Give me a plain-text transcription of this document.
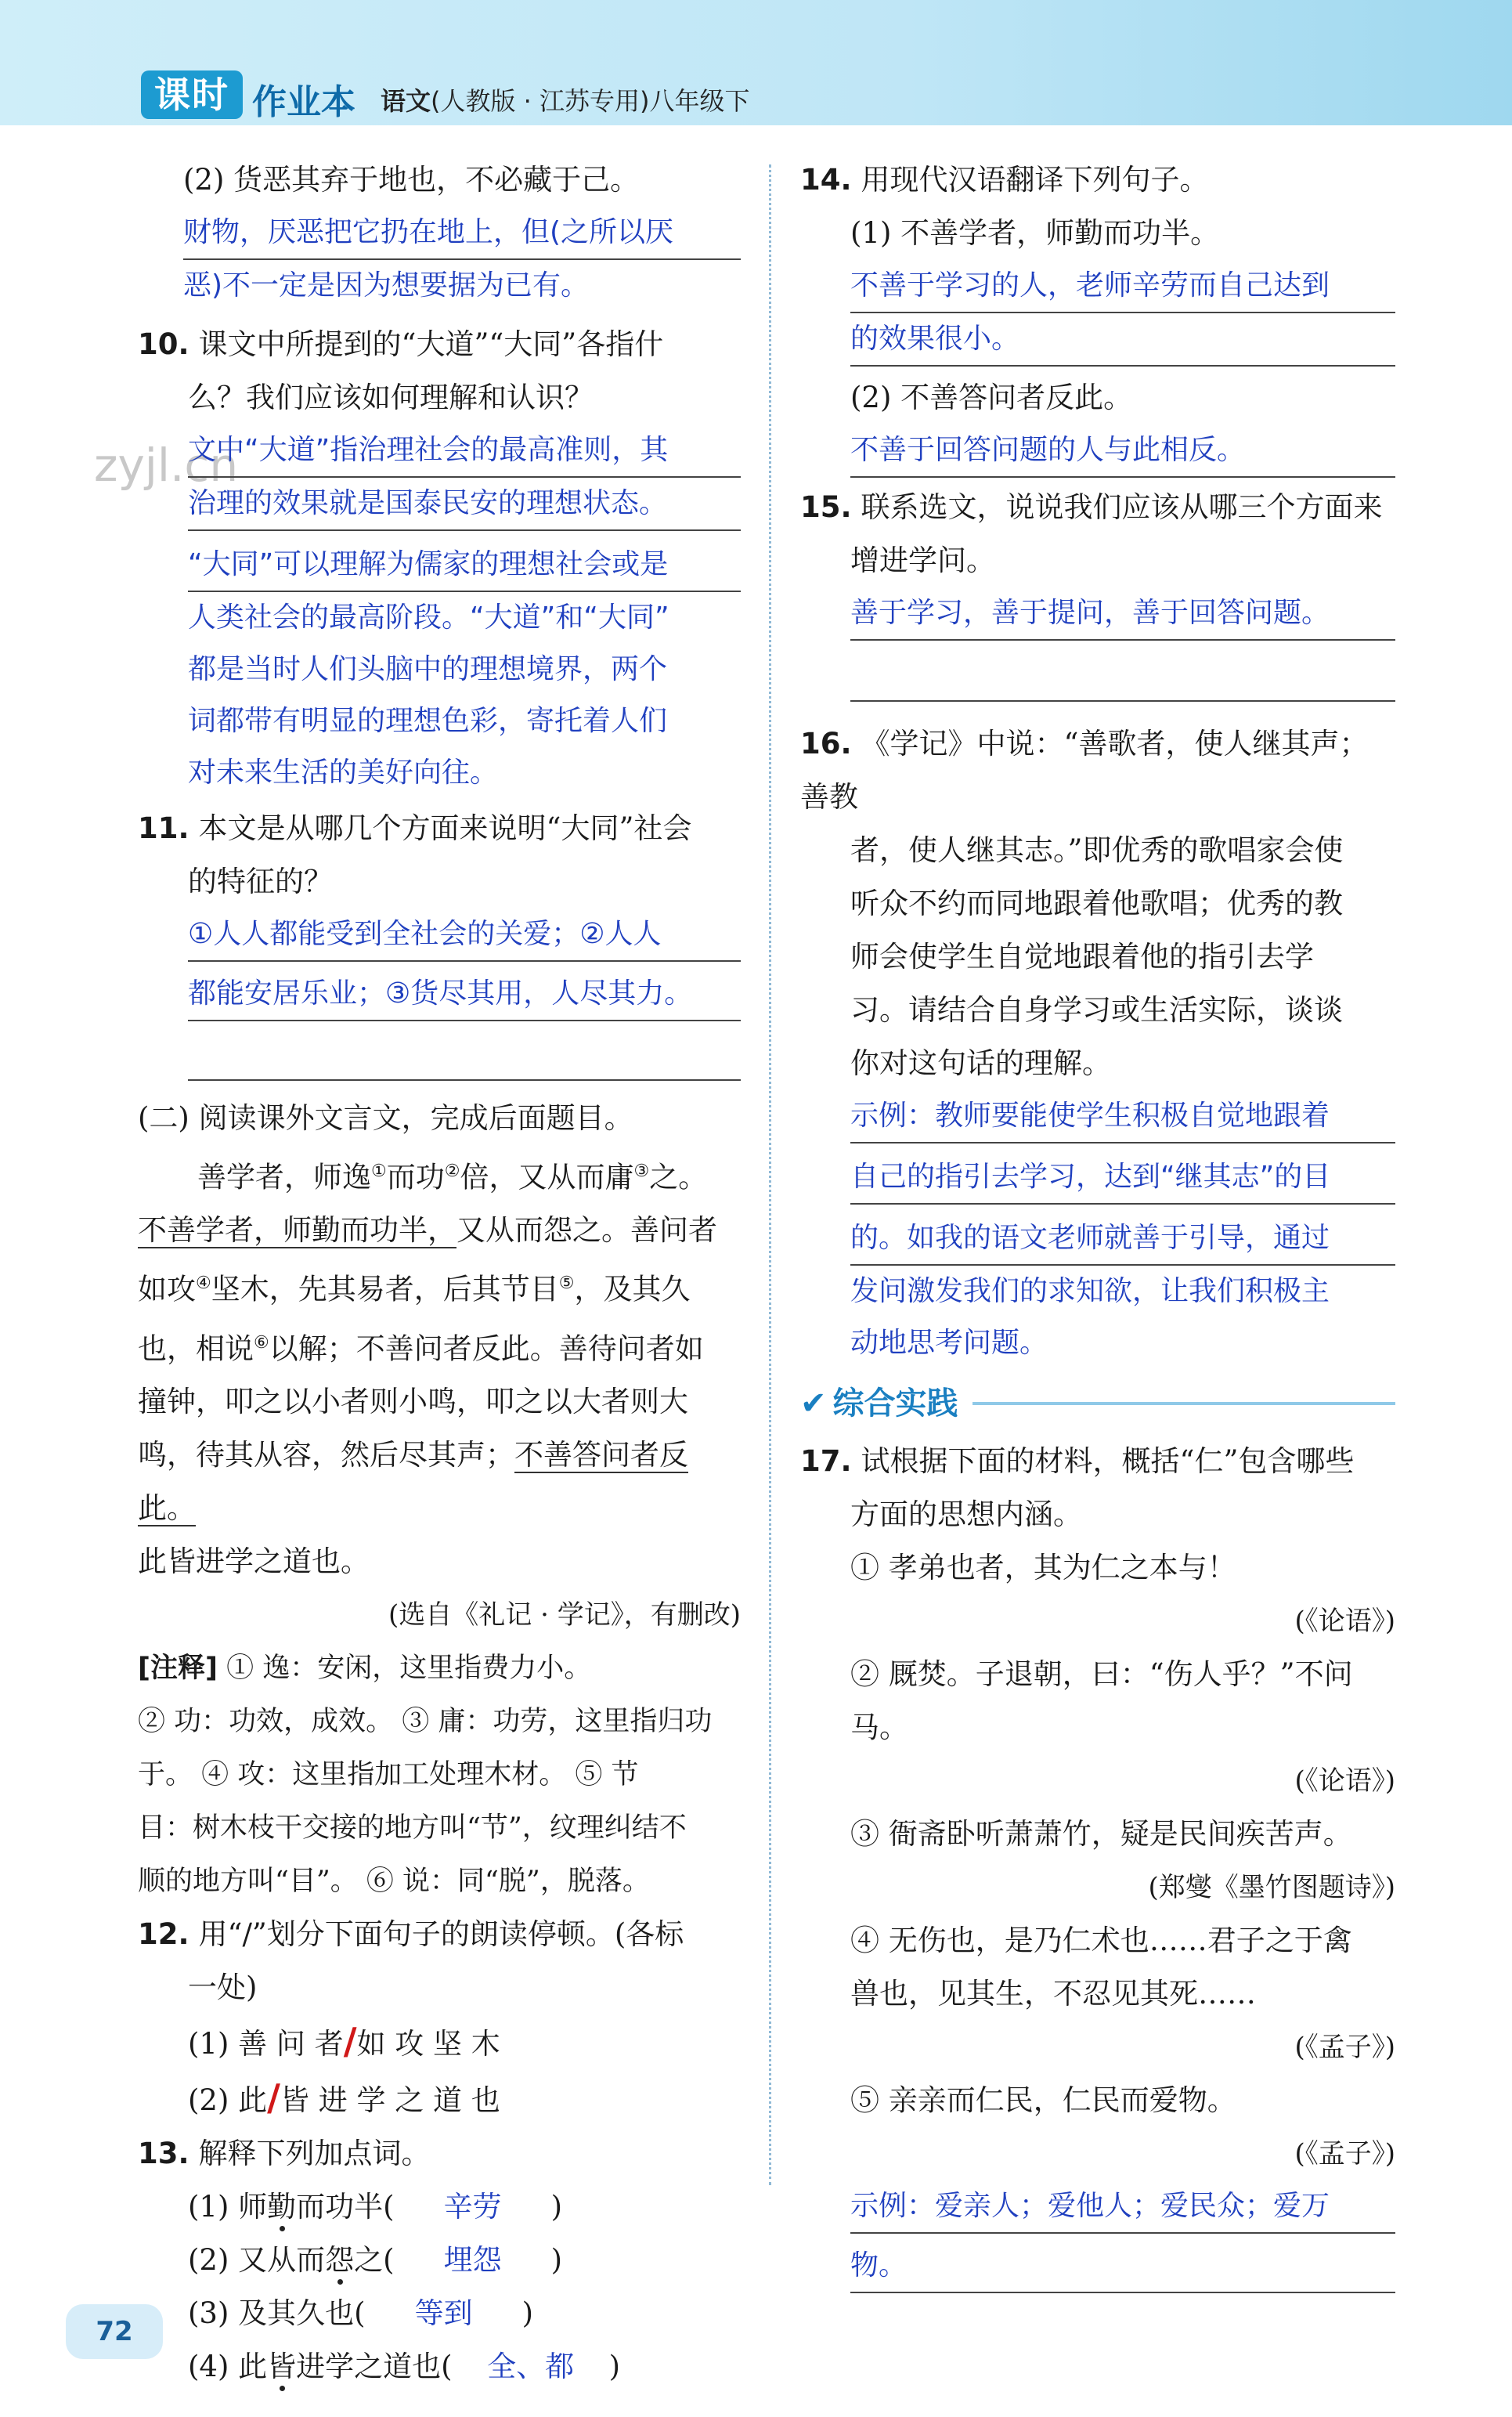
课时 作业本 语文(人教版 · 江苏专用)八年级下
zyjl.cn
(2) 货恶其弃于地也，不必藏于己。
财物，厌恶把它扔在地上，但(之所以厌
恶)不一定是因为想要据为已有。
10. 课文中所提到的“大道”“大同”各指什
么？我们应该如何理解和认识？
文中“大道”指治理社会的最高准则，其
治理的效果就是国泰民安的理想状态。
“大同”可以理解为儒家的理想社会或是
人类社会的最高阶段。“大道”和“大同”
都是当时人们头脑中的理想境界，两个
词都带有明显的理想色彩，寄托着人们
对未来生活的美好向往。
11. 本文是从哪几个方面来说明“大同”社会
的特征的？
①人人都能受到全社会的关爱；②人人
都能安居乐业；③货尽其用，人尽其力。
(二) 阅读课外文言文，完成后面题目。
善学者，师逸①而功②倍，又从而庸③之。
不善学者，师勤而功半，又从而怨之。善问者
如攻④坚木，先其易者，后其节目⑤，及其久
也，相说⑥以解；不善问者反此。善待问者如
撞钟，叩之以小者则小鸣，叩之以大者则大
鸣，待其从容，然后尽其声；不善答问者反此。
此皆进学之道也。
(选自《礼记 · 学记》，有删改)
[注释] ① 逸：安闲，这里指费力小。
② 功：功效，成效。 ③ 庸：功劳，这里指归功
于。 ④ 攻：这里指加工处理木材。 ⑤ 节
目：树木枝干交接的地方叫“节”，纹理纠结不
顺的地方叫“目”。 ⑥ 说：同“脱”，脱落。
12. 用“/”划分下面句子的朗读停顿。(各标
一处)
(1) 善 问 者/如 攻 坚 木
(2) 此/皆 进 学 之 道 也
13. 解释下列加点词。
(1) 师勤而功半( 辛劳 )
(2) 又从而怨之( 埋怨 )
(3) 及其久也( 等到 )
(4) 此皆进学之道也( 全、都 )
14. 用现代汉语翻译下列句子。
(1) 不善学者，师勤而功半。
不善于学习的人，老师辛劳而自己达到
的效果很小。
(2) 不善答问者反此。
不善于回答问题的人与此相反。
15. 联系选文，说说我们应该从哪三个方面来
增进学问。
善于学习，善于提问，善于回答问题。
16. 《学记》中说：“善歌者，使人继其声；善教
者，使人继其志。”即优秀的歌唱家会使
听众不约而同地跟着他歌唱；优秀的教
师会使学生自觉地跟着他的指引去学
习。请结合自身学习或生活实际，谈谈
你对这句话的理解。
示例：教师要能使学生积极自觉地跟着
自己的指引去学习，达到“继其志”的目
的。如我的语文老师就善于引导，通过
发问激发我们的求知欲，让我们积极主
动地思考问题。
✔ 综合实践
17. 试根据下面的材料，概括“仁”包含哪些
方面的思想内涵。
① 孝弟也者，其为仁之本与！
(《论语》)
② 厩焚。子退朝，曰：“伤人乎？”不问马。
(《论语》)
③ 衙斋卧听萧萧竹，疑是民间疾苦声。
(郑燮《墨竹图题诗》)
④ 无伤也，是乃仁术也……君子之于禽
兽也，见其生，不忍见其死……
(《孟子》)
⑤ 亲亲而仁民，仁民而爱物。
(《孟子》)
示例：爱亲人；爱他人；爱民众；爱万
物。
72
